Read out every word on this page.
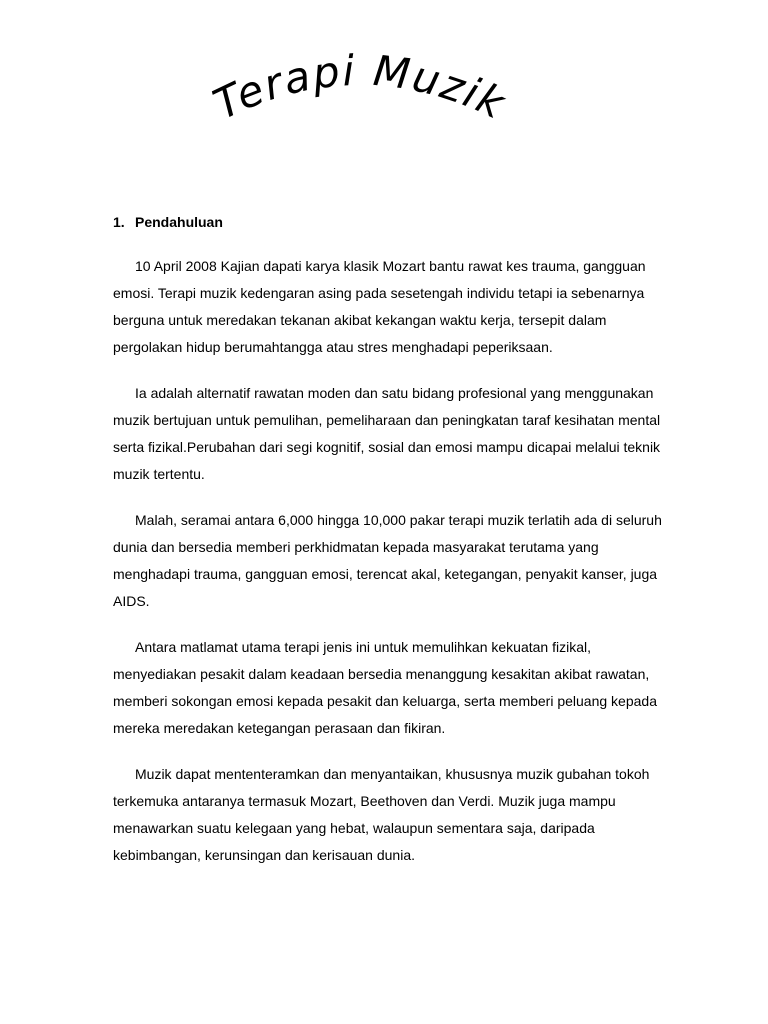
Terapi Muzik
1. Pendahuluan

10 April 2008 Kajian dapati karya klasik Mozart bantu rawat kes trauma, gangguan emosi. Terapi muzik kedengaran asing pada sesetengah individu tetapi ia sebenarnya berguna untuk meredakan tekanan akibat kekangan waktu kerja, tersepit dalam pergolakan hidup berumahtangga atau stres menghadapi peperiksaan.

Ia adalah alternatif rawatan moden dan satu bidang profesional yang menggunakan muzik bertujuan untuk pemulihan, pemeliharaan dan peningkatan taraf kesihatan mental serta fizikal.Perubahan dari segi kognitif, sosial dan emosi mampu dicapai melalui teknik muzik tertentu.

Malah, seramai antara 6,000 hingga 10,000 pakar terapi muzik terlatih ada di seluruh dunia dan bersedia memberi perkhidmatan kepada masyarakat terutama yang menghadapi trauma, gangguan emosi, terencat akal, ketegangan, penyakit kanser, juga AIDS.

Antara matlamat utama terapi jenis ini untuk memulihkan kekuatan fizikal, menyediakan pesakit dalam keadaan bersedia menanggung kesakitan akibat rawatan, memberi sokongan emosi kepada pesakit dan keluarga, serta memberi peluang kepada mereka meredakan ketegangan perasaan dan fikiran.

Muzik dapat mententeramkan dan menyantaikan, khususnya muzik gubahan tokoh terkemuka antaranya termasuk Mozart, Beethoven dan Verdi. Muzik juga mampu menawarkan suatu kelegaan yang hebat, walaupun sementara saja, daripada kebimbangan, kerunsingan dan kerisauan dunia.
